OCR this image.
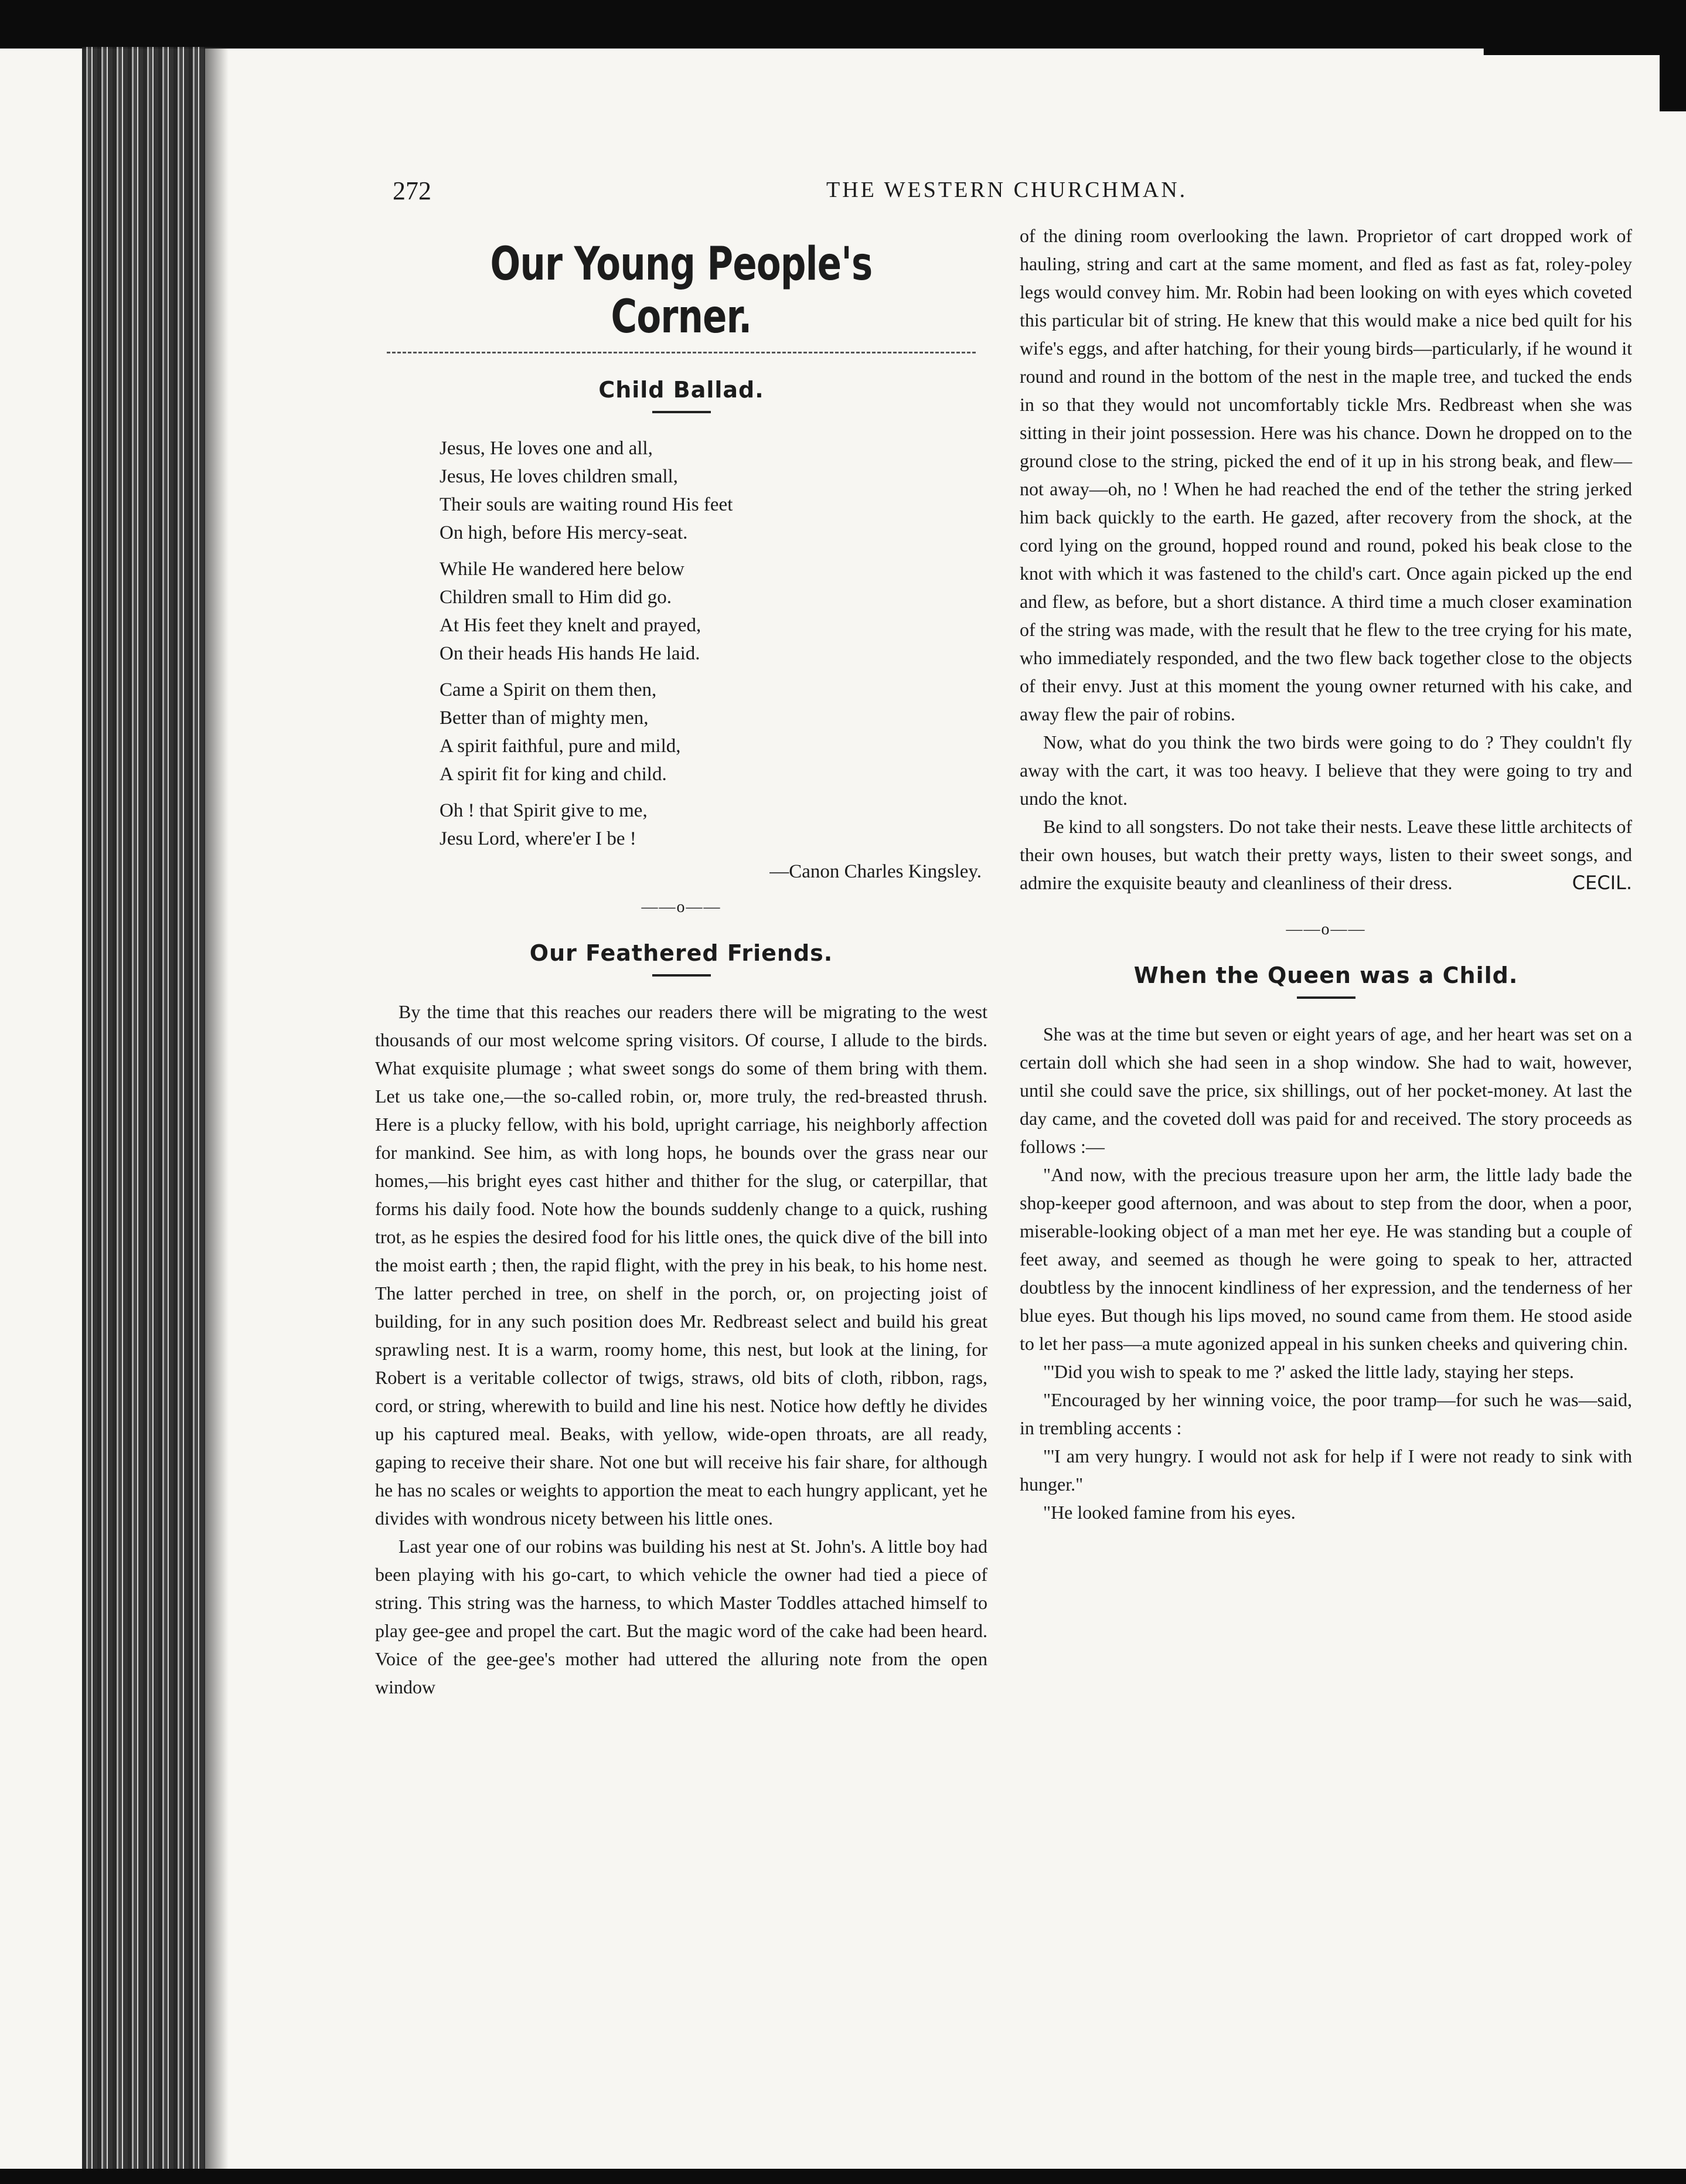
272	THE WESTERN CHURCHMAN.
Our Young People's Corner.
Child Ballad.
Jesus, He loves one and all,
Jesus, He loves children small,
Their souls are waiting round His feet
On high, before His mercy-seat.
While He wandered here below
Children small to Him did go.
At His feet they knelt and prayed,
On their heads His hands He laid.
Came a Spirit on them then,
Better than of mighty men,
A spirit faithful, pure and mild,
A spirit fit for king and child.
Oh ! that Spirit give to me,
Jesu Lord, where'er I be !
—Canon Charles Kingsley.
——o——
Our Feathered Friends.

By the time that this reaches our readers there will be migrating to the west thousands of our most welcome spring visitors. Of course, I allude to the birds. What exquisite plumage ; what sweet songs do some of them bring with them. Let us take one,—the so-called robin, or, more truly, the red-breasted thrush. Here is a plucky fellow, with his bold, upright carriage, his neighborly affection for mankind. See him, as with long hops, he bounds over the grass near our homes,—his bright eyes cast hither and thither for the slug, or caterpillar, that forms his daily food. Note how the bounds suddenly change to a quick, rushing trot, as he espies the desired food for his little ones, the quick dive of the bill into the moist earth ; then, the rapid flight, with the prey in his beak, to his home nest. The latter perched in tree, on shelf in the porch, or, on projecting joist of building, for in any such position does Mr. Redbreast select and build his great sprawling nest. It is a warm, roomy home, this nest, but look at the lining, for Robert is a veritable collector of twigs, straws, old bits of cloth, ribbon, rags, cord, or string, wherewith to build and line his nest. Notice how deftly he divides up his captured meal. Beaks, with yellow, wide-open throats, are all ready, gaping to receive their share. Not one but will receive his fair share, for although he has no scales or weights to apportion the meat to each hungry applicant, yet he divides with wondrous nicety between his little ones.

Last year one of our robins was building his nest at St. John's. A little boy had been playing with his go-cart, to which vehicle the owner had tied a piece of string. This string was the harness, to which Master Toddles attached himself to play gee-gee and propel the cart. But the magic word of the cake had been heard. Voice of the gee-gee's mother had uttered the alluring note from the open window

of the dining room overlooking the lawn. Proprietor of cart dropped work of hauling, string and cart at the same moment, and fled as fast as fat, roley-poley legs would convey him. Mr. Robin had been looking on with eyes which coveted this particular bit of string. He knew that this would make a nice bed quilt for his wife's eggs, and after hatching, for their young birds—particularly, if he wound it round and round in the bottom of the nest in the maple tree, and tucked the ends in so that they would not uncomfortably tickle Mrs. Redbreast when she was sitting in their joint possession. Here was his chance. Down he dropped on to the ground close to the string, picked the end of it up in his strong beak, and flew—not away—oh, no ! When he had reached the end of the tether the string jerked him back quickly to the earth. He gazed, after recovery from the shock, at the cord lying on the ground, hopped round and round, poked his beak close to the knot with which it was fastened to the child's cart. Once again picked up the end and flew, as before, but a short distance. A third time a much closer examination of the string was made, with the result that he flew to the tree crying for his mate, who immediately responded, and the two flew back together close to the objects of their envy. Just at this moment the young owner returned with his cake, and away flew the pair of robins.

Now, what do you think the two birds were going to do ? They couldn't fly away with the cart, it was too heavy. I believe that they were going to try and undo the knot.

Be kind to all songsters. Do not take their nests. Leave these little architects of their own houses, but watch their pretty ways, listen to their sweet songs, and admire the exquisite beauty and cleanliness of their dress.	CECIL.

——o——
When the Queen was a Child.

She was at the time but seven or eight years of age, and her heart was set on a certain doll which she had seen in a shop window. She had to wait, however, until she could save the price, six shillings, out of her pocket-money. At last the day came, and the coveted doll was paid for and received. The story proceeds as follows :—

"And now, with the precious treasure upon her arm, the little lady bade the shop-keeper good afternoon, and was about to step from the door, when a poor, miserable-looking object of a man met her eye. He was standing but a couple of feet away, and seemed as though he were going to speak to her, attracted doubtless by the innocent kindliness of her expression, and the tenderness of her blue eyes. But though his lips moved, no sound came from them. He stood aside to let her pass—a mute agonized appeal in his sunken cheeks and quivering chin.

"'Did you wish to speak to me ?' asked the little lady, staying her steps.

"Encouraged by her winning voice, the poor tramp—for such he was—said, in trembling accents :

"'I am very hungry. I would not ask for help if I were not ready to sink with hunger."

"He looked famine from his eyes.
